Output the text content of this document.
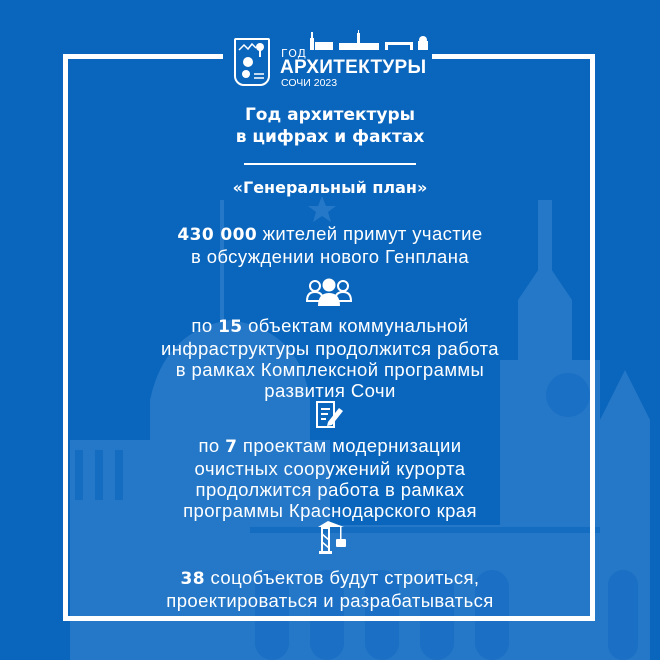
ГОД
АРХИТЕКТУРЫ
СОЧИ 2023
Год архитектуры
в цифрах и фактах
«Генеральный план»
430 000 жителей примут участие
в обсуждении нового Генплана
по 15 объектам коммунальной
инфраструктуры продолжится работа
в рамках Комплексной программы
развития Сочи
по 7 проектам модернизации
очистных сооружений курорта
продолжится работа в рамках
программы Краснодарского края
38 соцобъектов будут строиться,
проектироваться и разрабатываться
